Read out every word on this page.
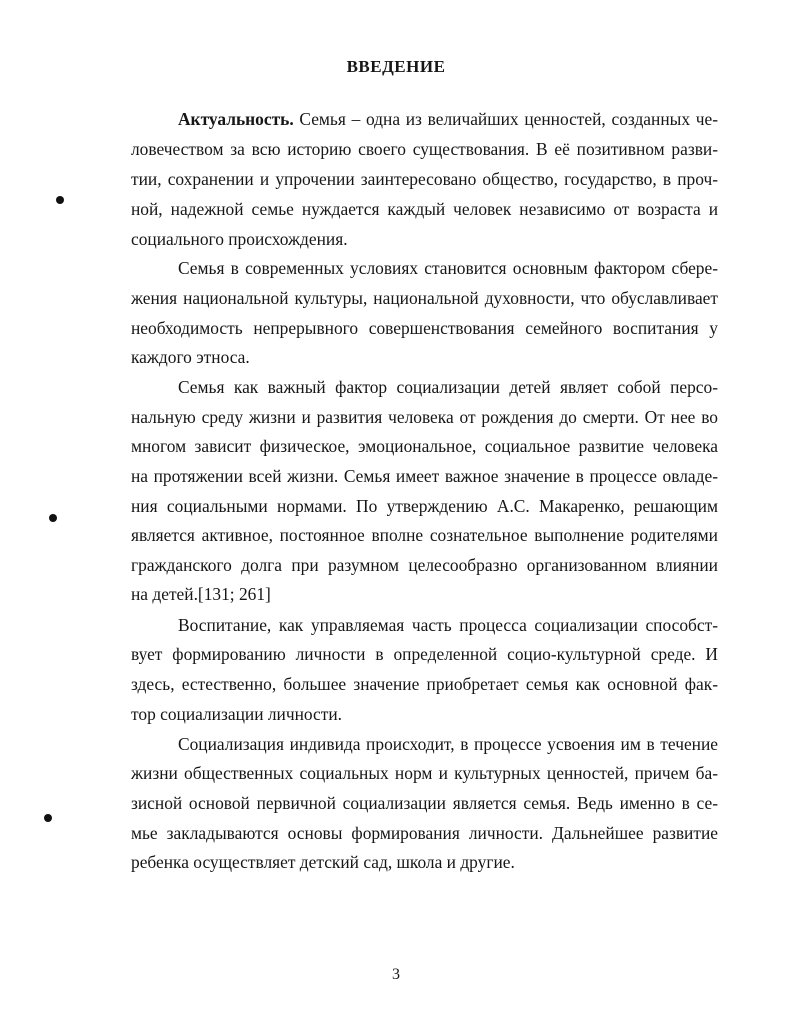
ВВЕДЕНИЕ

Актуальность. Семья – одна из величайших ценностей, созданных че-

ловечеством за всю историю своего существования. В её позитивном разви-

тии, сохранении и упрочении заинтересовано общество, государство, в проч-

ной, надежной семье нуждается каждый человек независимо от возраста и

социального происхождения.

Семья в современных условиях становится основным фактором сбере-

жения национальной культуры, национальной духовности, что обуславливает

необходимость непрерывного совершенствования семейного воспитания у

каждого этноса.

Семья как важный фактор социализации детей являет собой персо-

нальную среду жизни и развития человека от рождения до смерти. От нее во

многом зависит физическое, эмоциональное, социальное развитие человека

на протяжении всей жизни. Семья имеет важное значение в процессе овладе-

ния социальными нормами. По утверждению А.С. Макаренко, решающим

является активное, постоянное вполне сознательное выполнение родителями

гражданского долга при разумном целесообразно организованном влиянии

на детей.[131; 261]

Воспитание, как управляемая часть процесса социализации способст-

вует формированию личности в определенной социо-культурной среде. И

здесь, естественно, большее значение приобретает семья как основной фак-

тор социализации личности.

Социализация индивида происходит, в процессе усвоения им в течение

жизни общественных социальных норм и культурных ценностей, причем ба-

зисной основой первичной социализации является семья. Ведь именно в се-

мье закладываются основы формирования личности. Дальнейшее развитие

ребенка осуществляет детский сад, школа и другие.

3
